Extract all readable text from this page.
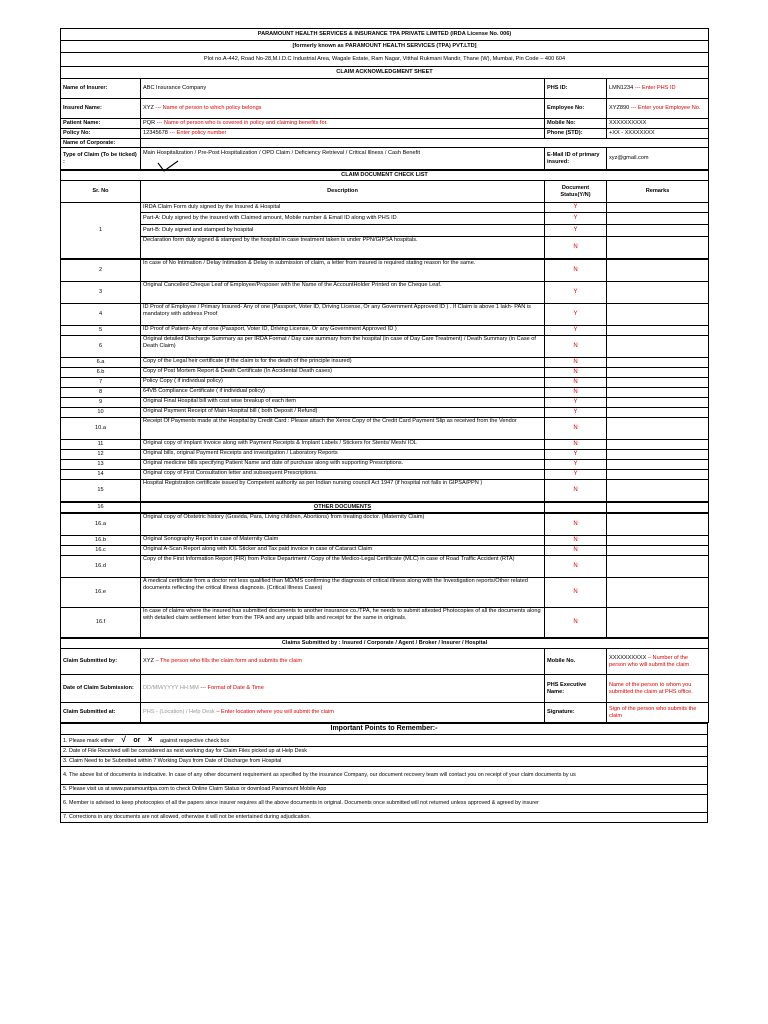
PARAMOUNT HEALTH SERVICES & INSURANCE TPA PRIVATE LIMITED (IRDA License No. 006)			
[formerly known as PARAMOUNT HEALTH SERVICES (TPA) PVT.LTD]			
Plot no.A-442, Road No-28,M.I.D.C Industrial Area, Wagale Estate, Ram Nagar, Vitthal Rukmani Mandir, Thane (W), Mumbai, Pin Code – 400 604			
CLAIM ACKNOWLEDGMENT SHEET			
Name of Insurer:	ABC Insurance Company	PHS ID:	LMN1234 --- Enter PHS ID
Insured Name:	XYZ --- Name of person to which policy belongs	Employee No:	XYZ890 --- Enter your Employee No.
Patient Name:	PQR --- Name of person who is covered in policy and claiming benefits for.	Mobile No:	XXXXXXXXXX
Policy No:	12345678 --- Enter policy number	Phone (STD):	+XX - XXXXXXXX
Name of Corporate:			
Type of Claim (To be ticked) :	Main Hospitalization / Pre-Post Hospitalization / OPD Claim / Deficiency Retrieval / Critical Illness / Cash Benefit	E-Mail ID of primary insured:	xyz@gmail.com
CLAIM DOCUMENT CHECK LIST			
Sr. No	Description	Document Status(Y/N)	Remarks
1	IRDA Claim Form duly signed by the Insured & Hospital	Y	
	Part-A: Duly signed by the insured with Claimed amount, Mobile number & Email ID along with PHS ID	Y	
	Part-B: Duly signed and stamped by hospital	Y	
	Declaration form duly signed & stamped by the hospital in case treatment taken is under PPN/GIPSA hospitals.	N	
2	In case of No Intimation / Delay Intimation & Delay in submission of claim, a letter from insured is required stating reason for the same.	N	
3	Original Cancelled Cheque Leaf of Employee/Proposer with the Name of the AccountHolder Printed on the Cheque Leaf.	Y	
4	ID Proof of Employee / Primary Insured- Any of one (Passport, Voter ID, Driving License, Or any Government Approved ID ) . If Claim is above 1 lakh- PAN is mandatory with address Proof	Y	
5	ID Proof of Patient- Any of one (Passport, Voter ID, Driving License, Or any Government Approved ID )	Y	
6	Original detailed Discharge Summary as per IRDA Format / Day care summary from the hospital (in case of Day Care Treatment) / Death Summary (in Case of Death Claim)	N	
6.a	Copy of the Legal heir certificate (if the claim is for the death of the principle insured)	N	
6.b	Copy of Post Mortem Report & Death Certificate (In Accidental Death cases)	N	
7	Policy Copy ( if individual policy)	N	
8	64VB Compliance Certificate ( if individual policy)	N	
9	Original Final Hospital bill with cost wise breakup of each item	Y	
10	Original Payment Receipt of Main Hospital bill ( both Deposit / Refund)	Y	
10.a	Receipt Of Payments made at the Hospital by Credit Card : Please attach the Xerox Copy of the Credit Card Payment Slip as received from the Vendor	N	
11	Original copy of Implant Invoice along with Payment Receipts & Implant Labels / Stickers for Stents/ Mesh/ IOL	N	
12	Original bills, original Payment Receipts and investigation / Laboratory Reports	Y	
13	Original medicine bills specifying Patient Name and date of purchase along with supporting Prescriptions.	Y	
14	Original copy of First Consultation letter and subsequent Prescriptions.	Y	
15	Hospital Registration certificate issued by Competent authority as per Indian nursing council Act 1947 (if hospital not falls in GIPSA/PPN )	N	
16	OTHER DOCUMENTS		
16.a	Original copy of Obstetric history (Gravida, Para, Living children, Abortions) from treating doctor. (Maternity Claim)	N	
16.b	Original Sonography Report in case of Maternity Claim	N	
16.c	Original A-Scan Report along with IOL Sticker and Tax paid invoice in case of Cataract Claim	N	
16.d	Copy of the First Information Report (FIR) from Police Department / Copy of the Medico-Legal Certificate (MLC) in case of Road Traffic Accident (RTA)	N	
16.e	A medical certificate from a doctor not less qualified than MD/MS confirming the diagnosis of critical illness along with the Investigation reports/Other related documents reflecting the critical illness diagnosis. (Critical Illness Cases)	N	
16.f	In case of claims where the insured has submitted documents to another insurance co./TPA, he needs to submit attested Photocopies of all the documents along with detailed claim settlement letter from the TPA and any unpaid bills and receipt for the same in originals.	N	
Claims Submitted by : Insured / Corporate / Agent / Broker / Insurer / Hospital			
Claim Submitted by:	XYZ – The person who fills the claim form and submits the claim	Mobile No.	XXXXXXXXXX – Number of the person who will submit the claim
Date of Claim Submission:	DD/MM/YYYY HH:MM --- Format of Date & Time	PHS Executive Name:	Name of the person to whom you submitted the claim at PHS office.
Claim Submitted at:	PHS - (Location) / Help Desk – Enter location where you will submit the claim	Signature:	Sign of the person who submits the claim
Important Points to Remember:-
1. Please mark either √ or × against respective check box
2. Date of File Received will be considered as next working day for Claim Files picked up at Help Desk
3. Claim Need to be Submitted within 7 Working Days from Date of Discharge from Hospital
4. The above list of documents is indicative. In case of any other document requirement as specified by the insurance Company, our document recovery team will contact you on receipt of your claim documents by us
5. Please visit us at www.paramounttpa.com to check Online Claim Status or download Paramount Mobile App
6. Member is advised to keep photocopies of all the papers since insurer requires all the above documents in original. Documents once submitted will not returned unless approved & agreed by insurer
7. Corrections in any documents are not allowed, otherwise it will not be entertained during adjudication.
